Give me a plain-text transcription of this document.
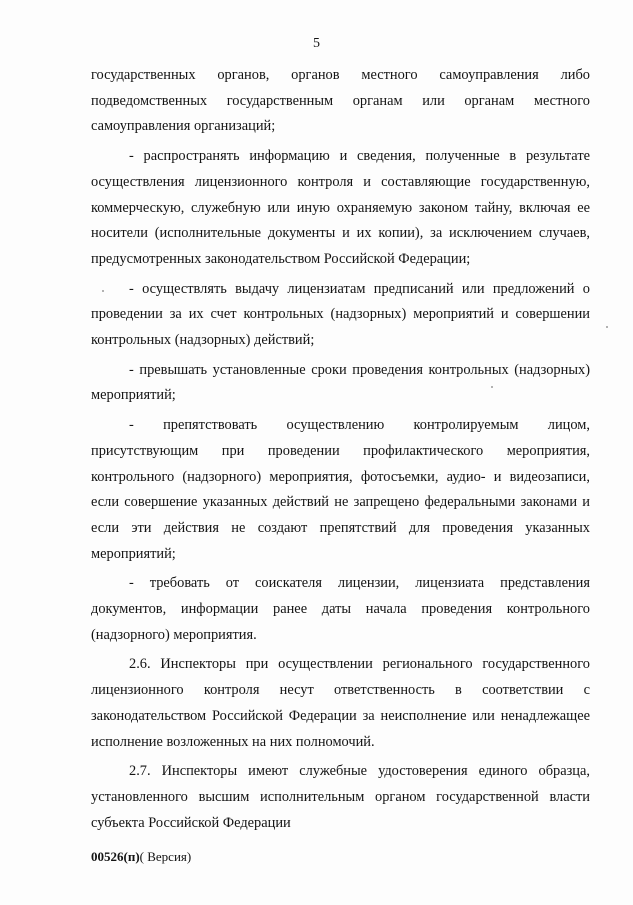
5

государственных органов, органов местного самоуправления либо подведомственных государственным органам или органам местного самоуправления организаций;

- распространять информацию и сведения, полученные в результате осуществления лицензионного контроля и составляющие государственную, коммерческую, служебную или иную охраняемую законом тайну, включая ее носители (исполнительные документы и их копии), за исключением случаев, предусмотренных законодательством Российской Федерации;

- осуществлять выдачу лицензиатам предписаний или предложений о проведении за их счет контрольных (надзорных) мероприятий и совершении контрольных (надзорных) действий;

- превышать установленные сроки проведения контрольных (надзорных) мероприятий;

- препятствовать осуществлению контролируемым лицом, присутствующим при проведении профилактического мероприятия, контрольного (надзорного) мероприятия, фотосъемки, аудио- и видеозаписи, если совершение указанных действий не запрещено федеральными законами и если эти действия не создают препятствий для проведения указанных мероприятий;

- требовать от соискателя лицензии, лицензиата представления документов, информации ранее даты начала проведения контрольного (надзорного) мероприятия.

2.6. Инспекторы при осуществлении регионального государственного лицензионного контроля несут ответственность в соответствии с законодательством Российской Федерации за неисполнение или ненадлежащее исполнение возложенных на них полномочий.

2.7. Инспекторы имеют служебные удостоверения единого образца, установленного высшим исполнительным органом государственной власти субъекта Российской Федерации

00526(п)( Версия)
